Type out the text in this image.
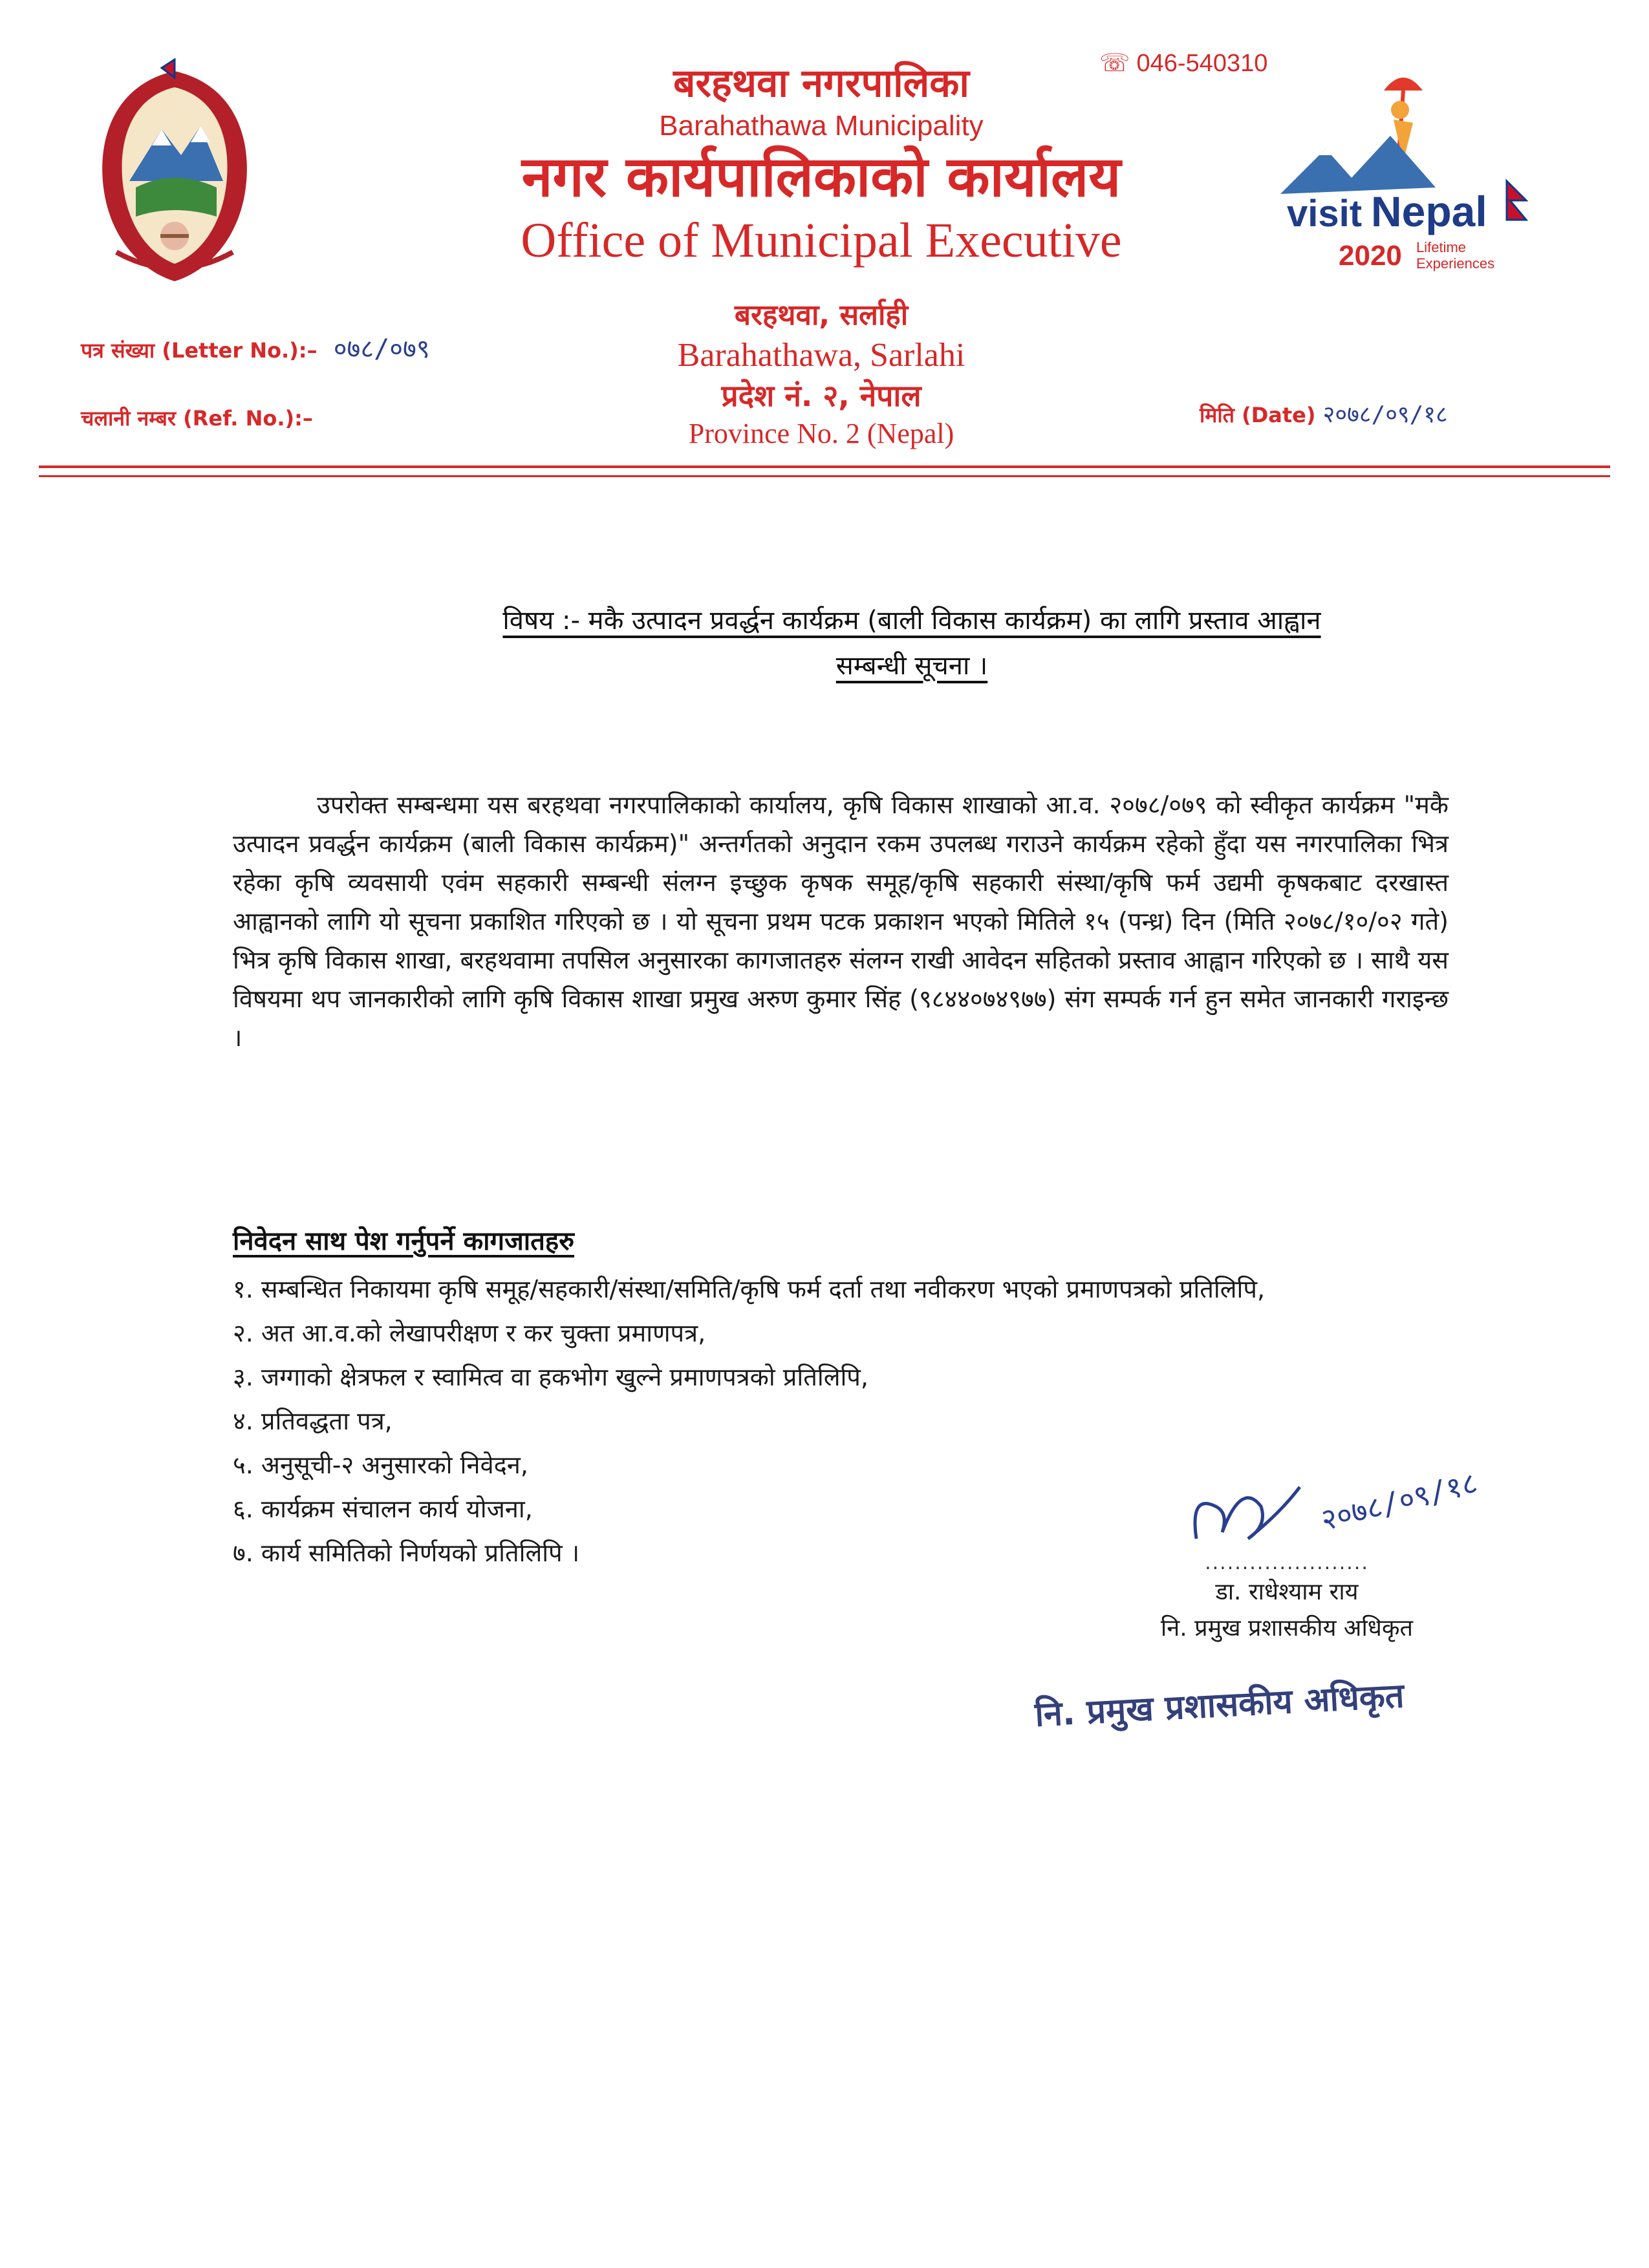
बरहथवा नगरपालिका
Barahathawa Municipality
नगर कार्यपालिकाको कार्यालय
Office of Municipal Executive
बरहथवा, सर्लाही
Barahathawa, Sarlahi
प्रदेश नं. २, नेपाल
Province No. 2 (Nepal)
☏ 046-540310
visit Nepal
2020 Lifetime
Experiences
पत्र संख्या (Letter No.):– ०७८/०७९
चलानी नम्बर (Ref. No.):–	मिति (Date) २०७८/०९/१८
विषय :- मकै उत्पादन प्रवर्द्धन कार्यक्रम (बाली विकास कार्यक्रम) का लागि प्रस्ताव आह्वान
सम्बन्धी सूचना ।
उपरोक्त सम्बन्धमा यस बरहथवा नगरपालिकाको कार्यालय, कृषि विकास शाखाको आ.व. २०७८/०७९ को स्वीकृत कार्यक्रम "मकै उत्पादन प्रवर्द्धन कार्यक्रम (बाली विकास कार्यक्रम)" अन्तर्गतको अनुदान रकम उपलब्ध गराउने कार्यक्रम रहेको हुँदा यस नगरपालिका भित्र रहेका कृषि व्यवसायी एवंम सहकारी सम्बन्धी संलग्न इच्छुक कृषक समूह/कृषि सहकारी संस्था/कृषि फर्म उद्यमी कृषकबाट दरखास्त आह्वानको लागि यो सूचना प्रकाशित गरिएको छ । यो सूचना प्रथम पटक प्रकाशन भएको मितिले १५ (पन्ध्र) दिन (मिति २०७८/१०/०२ गते) भित्र कृषि विकास शाखा, बरहथवामा तपसिल अनुसारका कागजातहरु संलग्न राखी आवेदन सहितको प्रस्ताव आह्वान गरिएको छ । साथै यस विषयमा थप जानकारीको लागि कृषि विकास शाखा प्रमुख अरुण कुमार सिंह (९८४४०७४९७७) संग सम्पर्क गर्न हुन समेत जानकारी गराइन्छ ।
निवेदन साथ पेश गर्नुपर्ने कागजातहरु
१. सम्बन्धित निकायमा कृषि समूह/सहकारी/संस्था/समिति/कृषि फर्म दर्ता तथा नवीकरण भएको प्रमाणपत्रको प्रतिलिपि,
२. अत आ.व.को लेखापरीक्षण र कर चुक्ता प्रमाणपत्र,
३. जग्गाको क्षेत्रफल र स्वामित्व वा हकभोग खुल्ने प्रमाणपत्रको प्रतिलिपि,
४. प्रतिवद्धता पत्र,
५. अनुसूची-२ अनुसारको निवेदन,
६. कार्यक्रम संचालन कार्य योजना,
७. कार्य समितिको निर्णयको प्रतिलिपि ।
२०७८/०९/१८
......................
डा. राधेश्याम राय
नि. प्रमुख प्रशासकीय अधिकृत
नि. प्रमुख प्रशासकीय अधिकृत
